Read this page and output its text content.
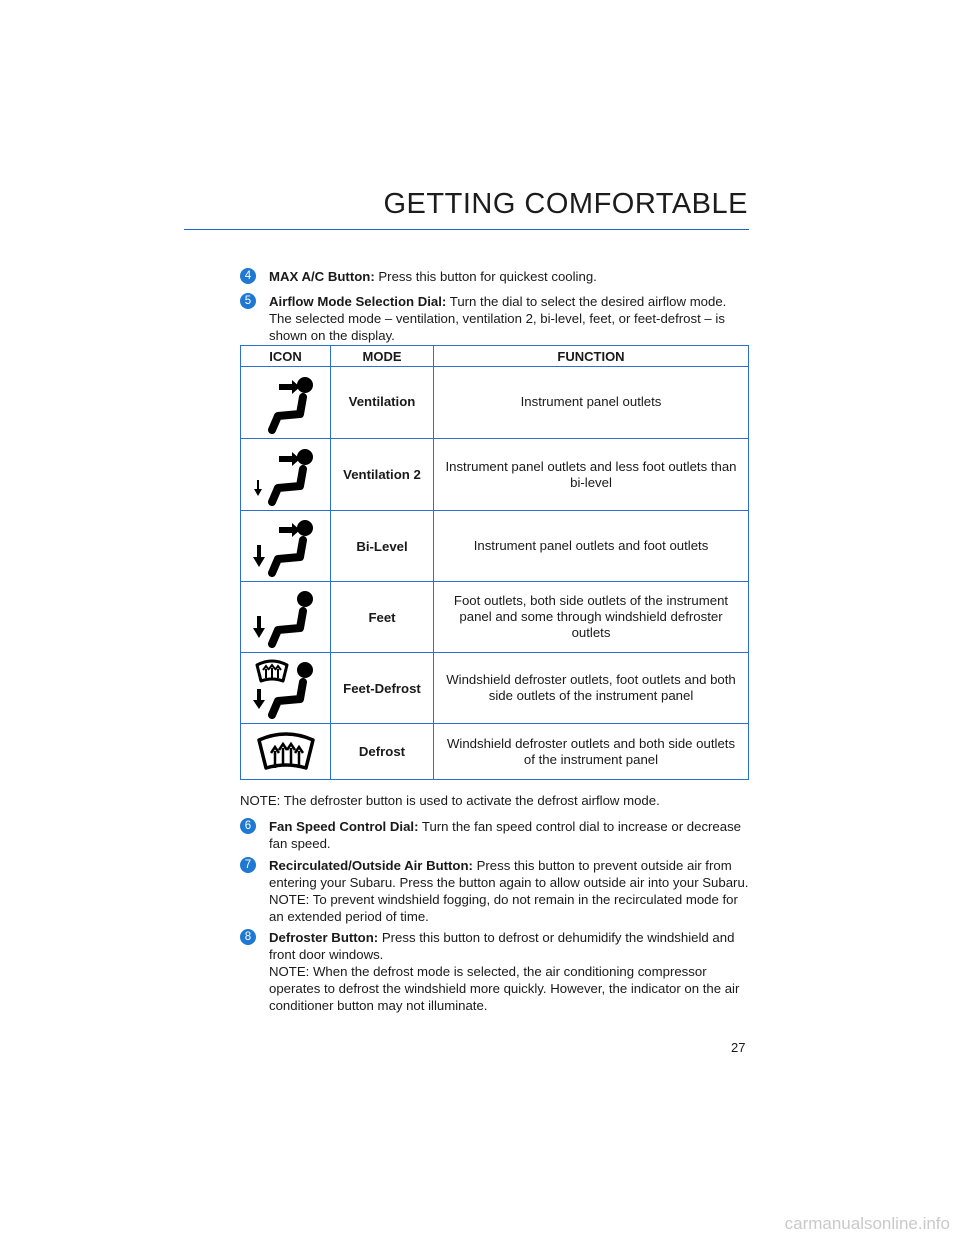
GETTING COMFORTABLE
4	MAX A/C Button: Press this button for quickest cooling.
5	Airflow Mode Selection Dial: Turn the dial to select the desired airflow mode. The selected mode – ventilation, ventilation 2, bi-level, feet, or feet-defrost – is shown on the display.
ICON	MODE	FUNCTION

	Ventilation	Instrument panel outlets

	Ventilation 2	Instrument panel outlets and less foot outlets than bi-level

	Bi-Level	Instrument panel outlets and foot outlets

	Feet	Foot outlets, both side outlets of the instrument panel and some through windshield defroster outlets

	Feet-Defrost	Windshield defroster outlets, foot outlets and both side outlets of the instrument panel

	Defrost	Windshield defroster outlets and both side outlets of the instrument panel
NOTE: The defroster button is used to activate the defrost airflow mode.
6	Fan Speed Control Dial: Turn the fan speed control dial to increase or decrease fan speed.
7	Recirculated/Outside Air Button: Press this button to prevent outside air from entering your Subaru. Press the button again to allow outside air into your Subaru.
NOTE: To prevent windshield fogging, do not remain in the recirculated mode for an extended period of time.
8	Defroster Button: Press this button to defrost or dehumidify the windshield and front door windows.
NOTE: When the defrost mode is selected, the air conditioning compressor operates to defrost the windshield more quickly. However, the indicator on the air conditioner button may not illuminate.
27
carmanualsonline.info
